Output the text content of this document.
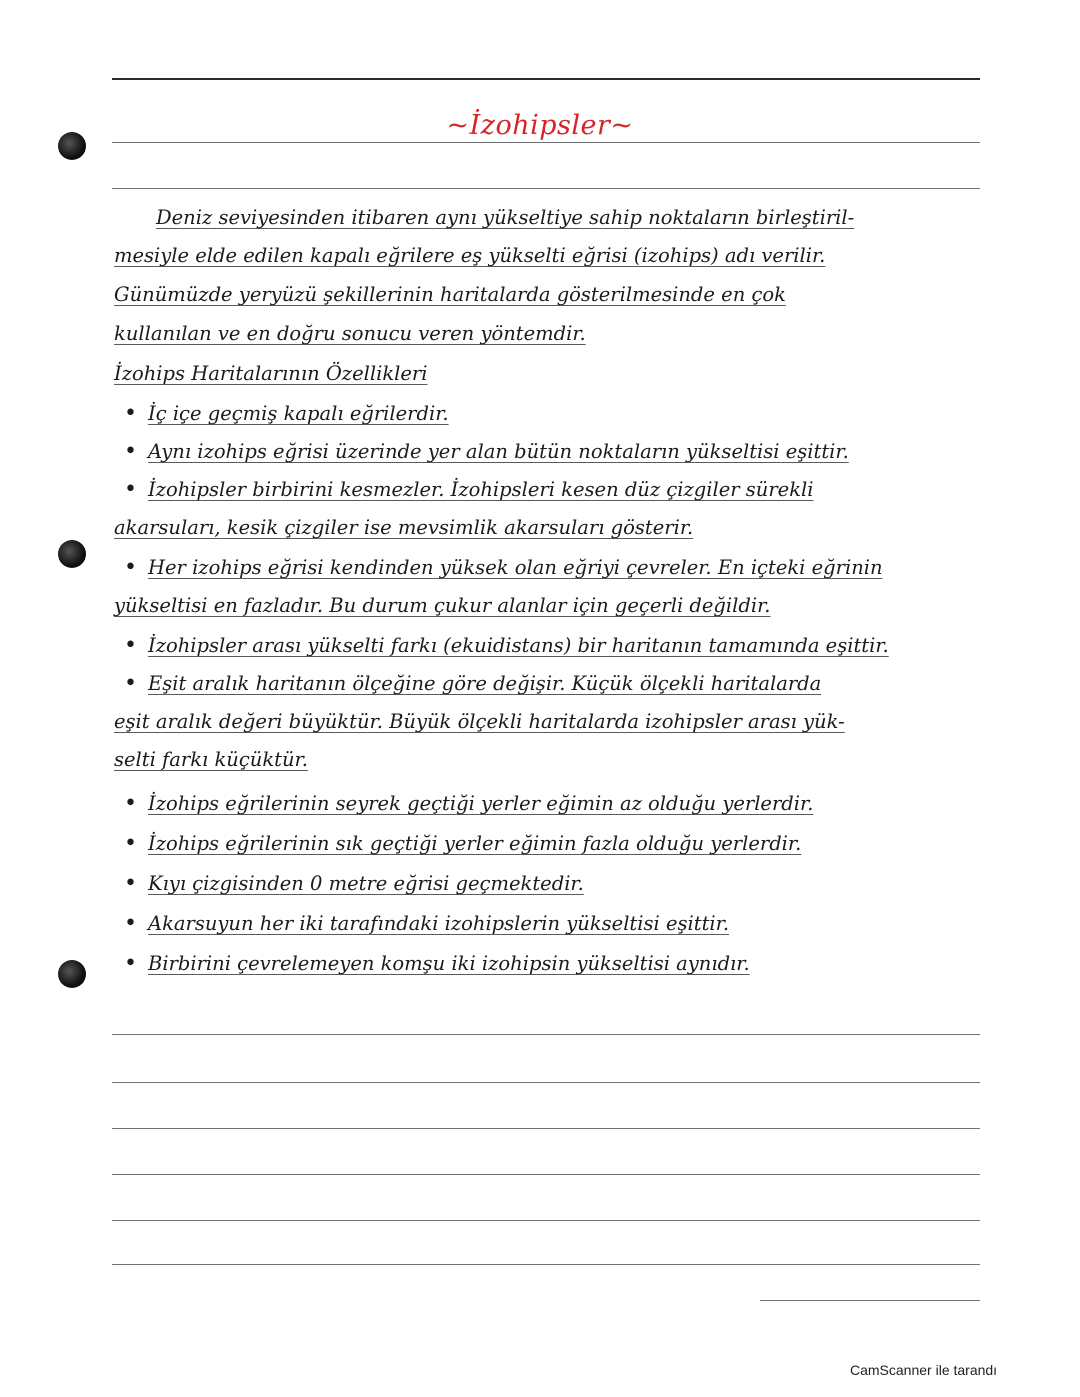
~İzohipsler~
Deniz seviyesinden itibaren aynı yükseltiye sahip noktaların birleştiril-
mesiyle elde edilen kapalı eğrilere eş yükselti eğrisi (izohips) adı verilir.
Günümüzde yeryüzü şekillerinin haritalarda gösterilmesinde en çok
kullanılan ve en doğru sonucu veren yöntemdir.
İzohips Haritalarının Özellikleri
• İç içe geçmiş kapalı eğrilerdir.
• Aynı izohips eğrisi üzerinde yer alan bütün noktaların yükseltisi eşittir.
• İzohipsler birbirini kesmezler. İzohipsleri kesen düz çizgiler sürekli
akarsuları, kesik çizgiler ise mevsimlik akarsuları gösterir.
• Her izohips eğrisi kendinden yüksek olan eğriyi çevreler. En içteki eğrinin
yükseltisi en fazladır. Bu durum çukur alanlar için geçerli değildir.
• İzohipsler arası yükselti farkı (ekuidistans) bir haritanın tamamında eşittir.
• Eşit aralık haritanın ölçeğine göre değişir. Küçük ölçekli haritalarda
eşit aralık değeri büyüktür. Büyük ölçekli haritalarda izohipsler arası yük-
selti farkı küçüktür.
• İzohips eğrilerinin seyrek geçtiği yerler eğimin az olduğu yerlerdir.
• İzohips eğrilerinin sık geçtiği yerler eğimin fazla olduğu yerlerdir.
• Kıyı çizgisinden 0 metre eğrisi geçmektedir.
• Akarsuyun her iki tarafındaki izohipslerin yükseltisi eşittir.
• Birbirini çevrelemeyen komşu iki izohipsin yükseltisi aynıdır.
CamScanner ile tarandı
